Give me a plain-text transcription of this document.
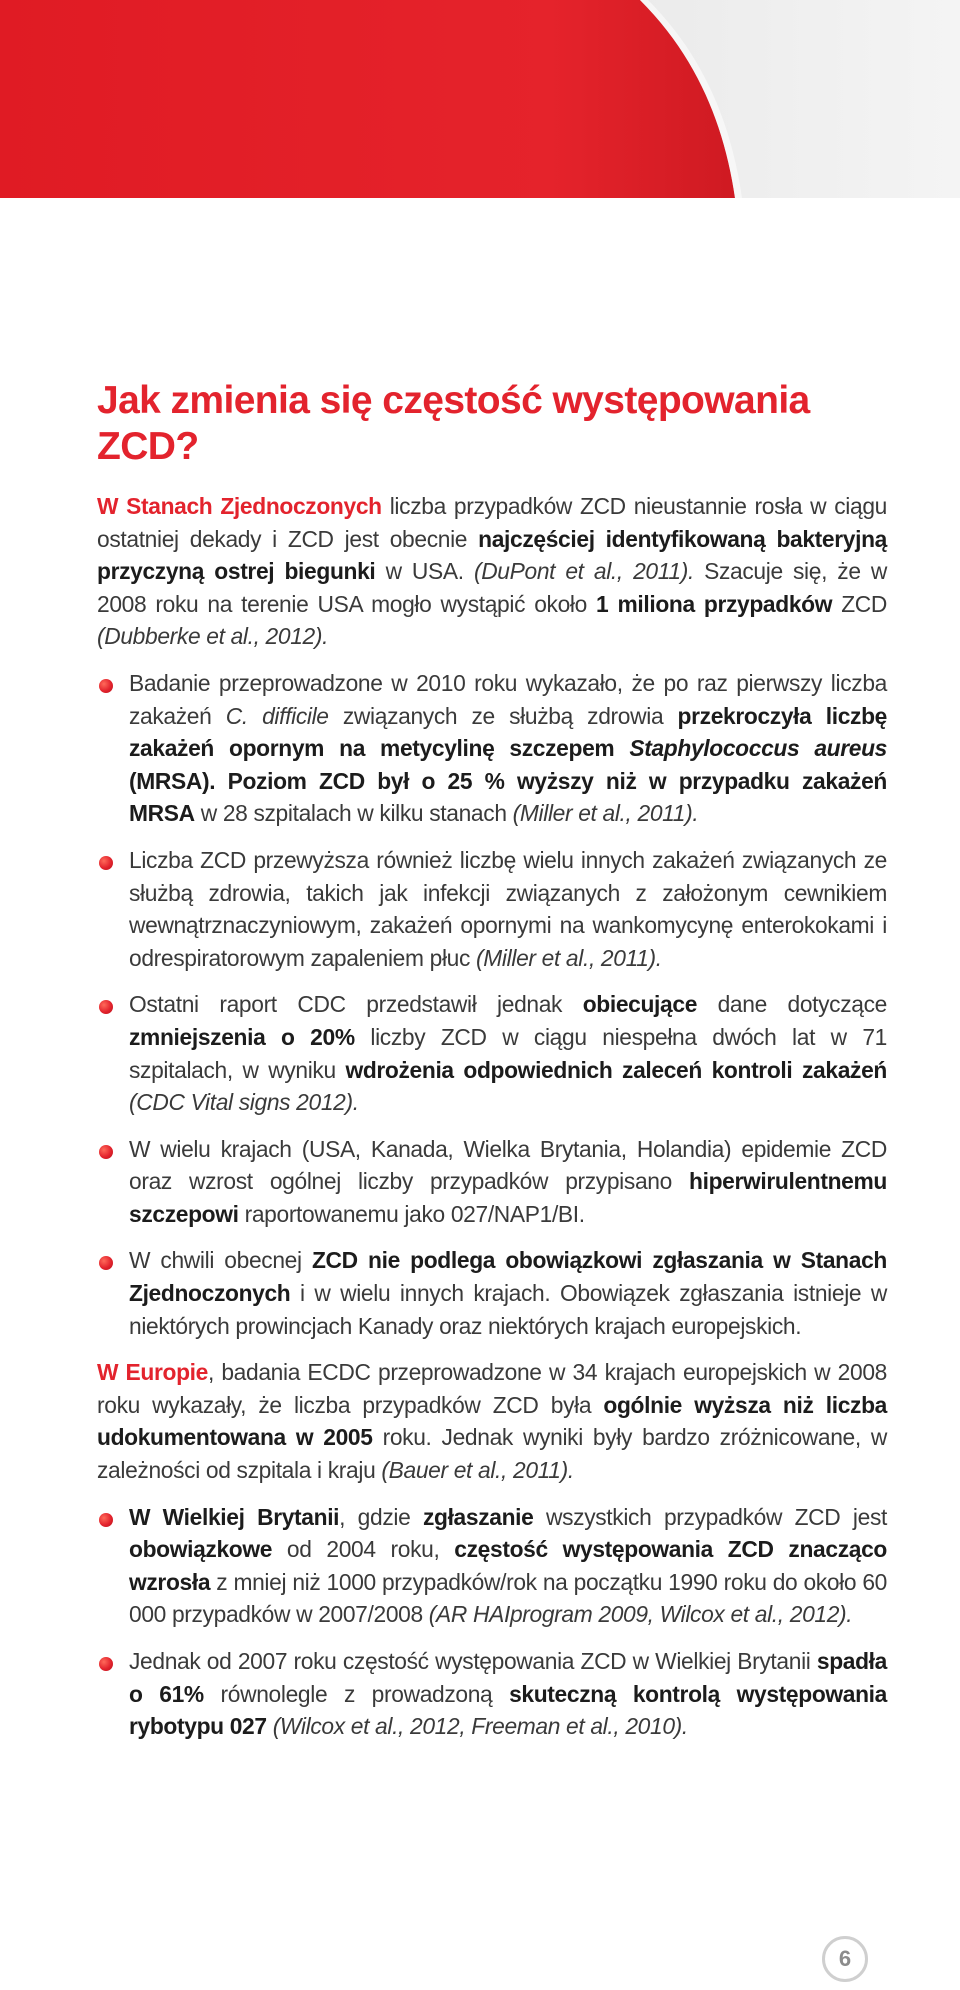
Jak zmienia się częstość występowania ZCD?

W Stanach Zjednoczonych liczba przypadków ZCD nieustannie rosła w ciągu ostatniej dekady i ZCD jest obecnie najczęściej identyfikowaną bakteryjną przyczyną ostrej biegunki w USA. (DuPont et al., 2011). Szacuje się, że w 2008 roku na terenie USA mogło wystąpić około 1 miliona przypadków ZCD (Dubberke et al., 2012).

Badanie przeprowadzone w 2010 roku wykazało, że po raz pierwszy liczba zakażeń C. difficile związanych ze służbą zdrowia przekroczyła liczbę zakażeń opornym na metycylinę szczepem Staphylococcus aureus (MRSA). Poziom ZCD był o 25 % wyższy niż w przypadku zakażeń MRSA w 28 szpitalach w kilku stanach (Miller et al., 2011).

Liczba ZCD przewyższa również liczbę wielu innych zakażeń związanych ze służbą zdrowia, takich jak infekcji związanych z założonym cewnikiem wewnątrznaczyniowym, zakażeń opornymi na wankomycynę enterokokami i odrespiratorowym zapaleniem płuc (Miller et al., 2011).

Ostatni raport CDC przedstawił jednak obiecujące dane dotyczące zmniejszenia o 20% liczby ZCD w ciągu niespełna dwóch lat w 71 szpitalach, w wyniku wdrożenia odpowiednich zaleceń kontroli zakażeń (CDC Vital signs 2012).

W wielu krajach (USA, Kanada, Wielka Brytania, Holandia) epidemie ZCD oraz wzrost ogólnej liczby przypadków przypisano hiperwirulentnemu szczepowi raportowanemu jako 027/NAP1/BI.

W chwili obecnej ZCD nie podlega obowiązkowi zgłaszania w Stanach Zjednoczonych i w wielu innych krajach. Obowiązek zgłaszania istnieje w niektórych prowincjach Kanady oraz niektórych krajach europejskich.

W Europie, badania ECDC przeprowadzone w 34 krajach europejskich w 2008 roku wykazały, że liczba przypadków ZCD była ogólnie wyższa niż liczba udokumentowana w 2005 roku. Jednak wyniki były bardzo zróżnicowane, w zależności od szpitala i kraju (Bauer et al., 2011).

W Wielkiej Brytanii, gdzie zgłaszanie wszystkich przypadków ZCD jest obowiązkowe od 2004 roku, częstość występowania ZCD znacząco wzrosła z mniej niż 1000 przypadków/rok na początku 1990 roku do około 60 000 przypadków w 2007/2008 (AR HAIprogram 2009, Wilcox et al., 2012).

Jednak od 2007 roku częstość występowania ZCD w Wielkiej Brytanii spadła o 61% równolegle z prowadzoną skuteczną kontrolą występowania rybotypu 027 (Wilcox et al., 2012, Freeman et al., 2010).

6
